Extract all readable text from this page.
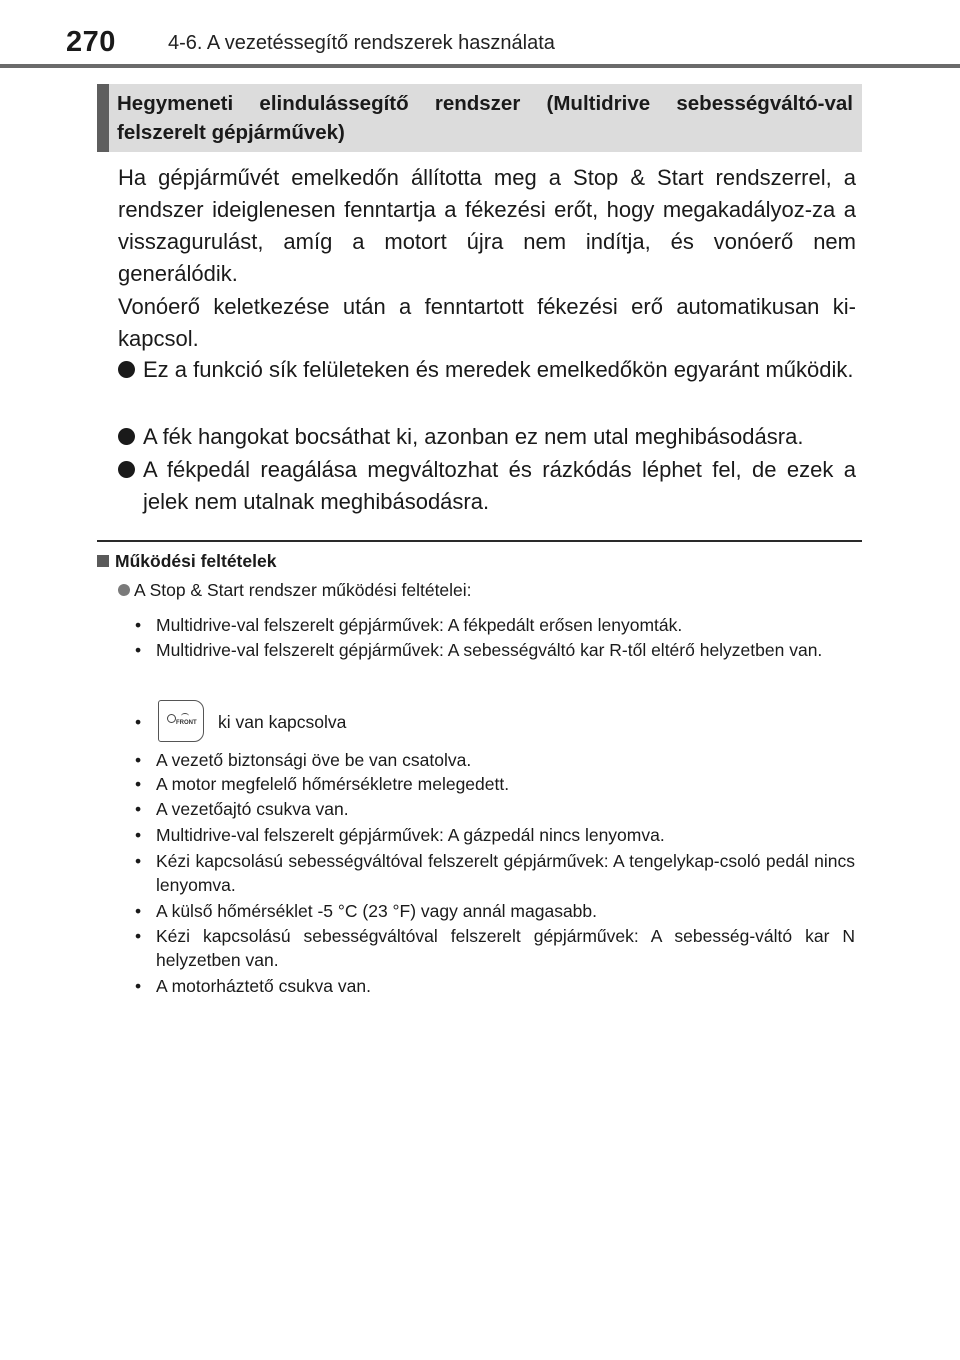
270	4-6. A vezetéssegítő rendszerek használata
Hegymeneti elindulássegítő rendszer (Multidrive sebességváltó-val felszerelt gépjárművek)
Ha gépjárművét emelkedőn állította meg a Stop & Start rendszerrel, a rendszer ideiglenesen fenntartja a fékezési erőt, hogy megakadályoz-za a visszagurulást, amíg a motort újra nem indítja, és vonóerő nem generálódik.
Vonóerő keletkezése után a fenntartott fékezési erő automatikusan ki-kapcsol.
Ez a funkció sík felületeken és meredek emelkedőkön egyaránt működik.
A fék hangokat bocsáthat ki, azonban ez nem utal meghibásodásra.
A fékpedál reagálása megváltozhat és rázkódás léphet fel, de ezek a jelek nem utalnak meghibásodásra.
Működési feltételek
A Stop & Start rendszer működési feltételei:
• Multidrive-val felszerelt gépjárművek: A fékpedált erősen lenyomták.
• Multidrive-val felszerelt gépjárművek: A sebességváltó kar R-től eltérő helyzetben van.
•	FRONT ki van kapcsolva
• A vezető biztonsági öve be van csatolva.
• A motor megfelelő hőmérsékletre melegedett.
• A vezetőajtó csukva van.
• Multidrive-val felszerelt gépjárművek: A gázpedál nincs lenyomva.
• Kézi kapcsolású sebességváltóval felszerelt gépjárművek: A tengelykap-csoló pedál nincs lenyomva.
• A külső hőmérséklet -5 °C (23 °F) vagy annál magasabb.
• Kézi kapcsolású sebességváltóval felszerelt gépjárművek: A sebesség-váltó kar N helyzetben van.
• A motorháztető csukva van.
